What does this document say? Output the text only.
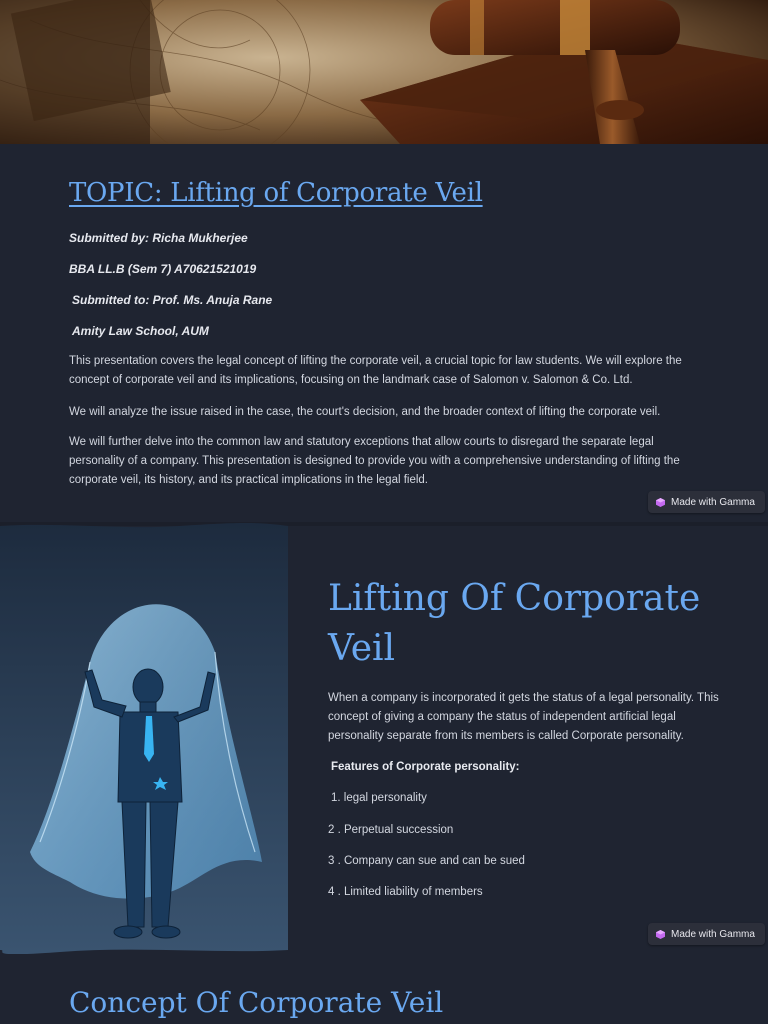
TOPIC: Lifting of Corporate Veil

Submitted by: Richa Mukherjee

BBA LL.B (Sem 7) A70621521019

Submitted to: Prof. Ms. Anuja Rane

Amity Law School, AUM

This presentation covers the legal concept of lifting the corporate veil, a crucial topic for law students. We will explore the concept of corporate veil and its implications, focusing on the landmark case of Salomon v. Salomon & Co. Ltd.

We will analyze the issue raised in the case, the court's decision, and the broader context of lifting the corporate veil.

We will further delve into the common law and statutory exceptions that allow courts to disregard the separate legal personality of a company. This presentation is designed to provide you with a comprehensive understanding of lifting the corporate veil, its history, and its practical implications in the legal field.

Made with Gamma
Lifting Of Corporate Veil

When a company is incorporated it gets the status of a legal personality. This concept of giving a company the status of independent artificial legal personality separate from its members is called Corporate personality.

Features of Corporate personality:

1. legal personality

2 . Perpetual succession

3 . Company can sue and can be sued

4 . Limited liability of members

Made with Gamma
Concept Of Corporate Veil
